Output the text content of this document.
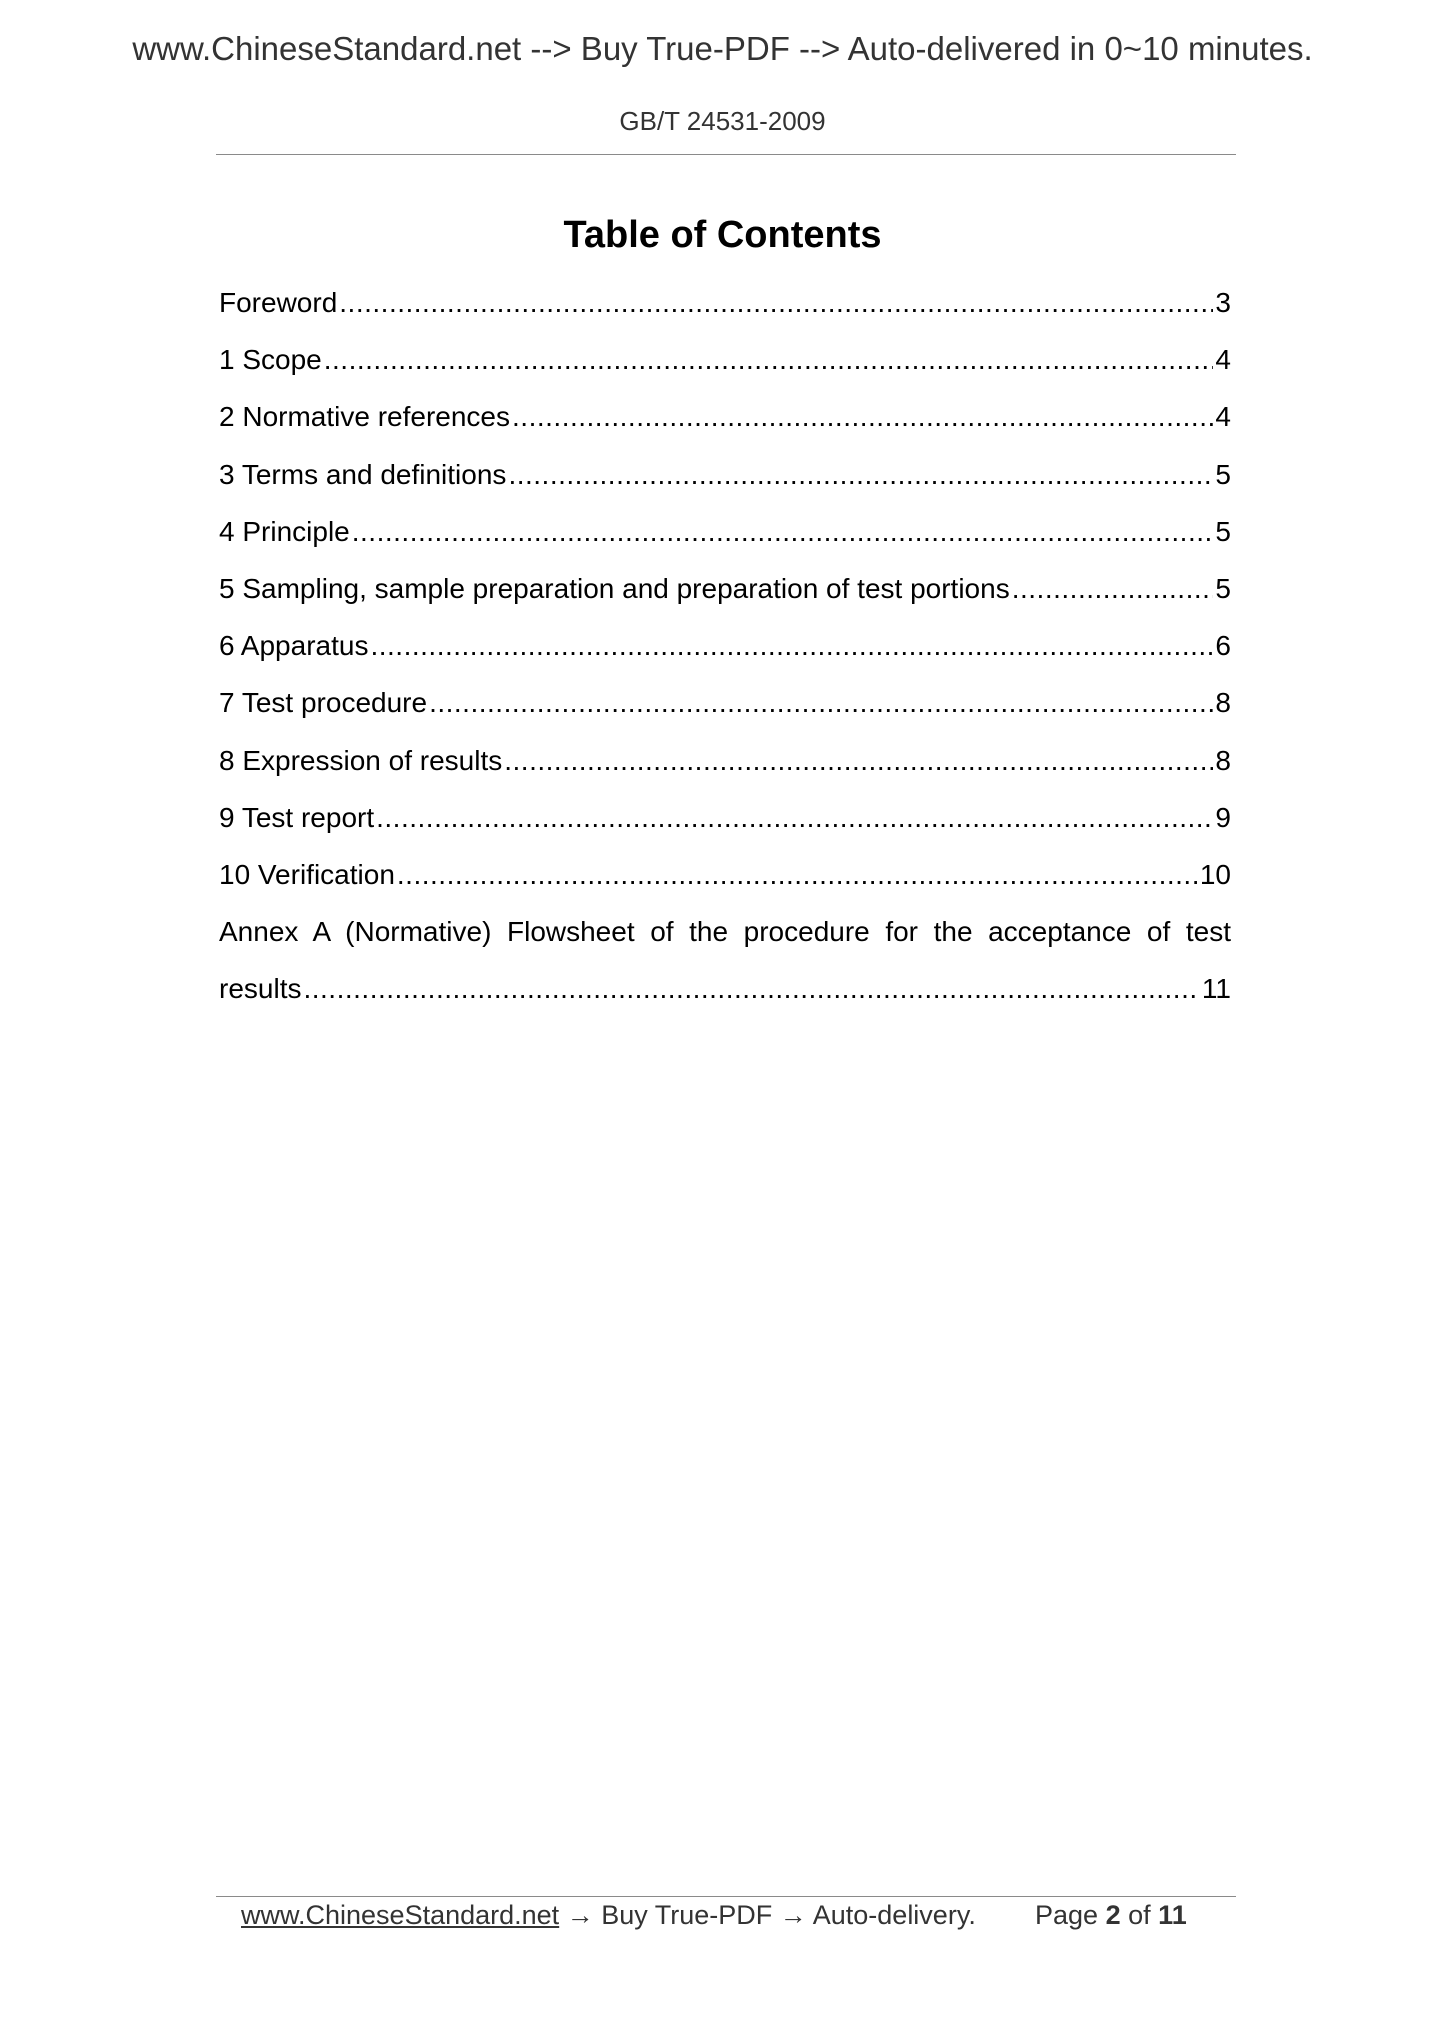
www.ChineseStandard.net --> Buy True-PDF --> Auto-delivered in 0~10 minutes.
GB/T 24531-2009
Table of Contents
Foreword .....	3
1 Scope .....	4
2 Normative references .....	4
3 Terms and definitions .....	5
4 Principle .....	5
5 Sampling, sample preparation and preparation of test portions .....	5
6 Apparatus .....	6
7 Test procedure .....	8
8 Expression of results .....	8
9 Test report .....	9
10 Verification .....	10
Annex A (Normative) Flowsheet of the procedure for the acceptance of test
results .....	11
www.ChineseStandard.net → Buy True-PDF → Auto-delivery. Page 2 of 11
